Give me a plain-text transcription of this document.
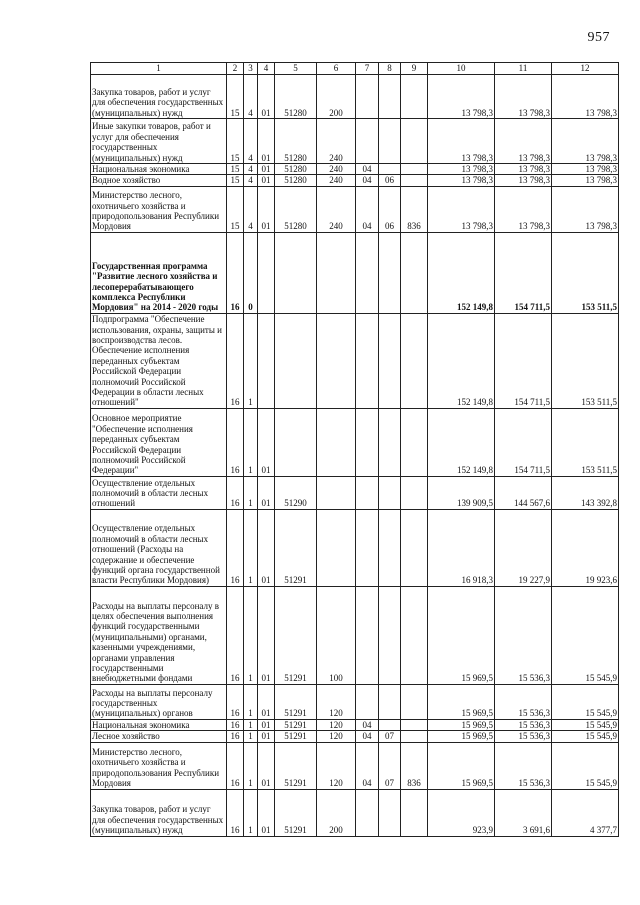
957
1	2	3	4	5	6	7	8	9	10	11	12
Закупка товаров, работ и услуг для обеспечения государственных (муниципальных) нужд	15	4	01	51280	200				13 798,3	13 798,3	13 798,3
Иные закупки товаров, работ и услуг для обеспечения государственных (муниципальных) нужд	15	4	01	51280	240				13 798,3	13 798,3	13 798,3
Национальная экономика	15	4	01	51280	240	04			13 798,3	13 798,3	13 798,3
Водное хозяйство	15	4	01	51280	240	04	06		13 798,3	13 798,3	13 798,3
Министерство лесного, охотничьего хозяйства и природопользования Республики Мордовия	15	4	01	51280	240	04	06	836	13 798,3	13 798,3	13 798,3
Государственная программа "Развитие лесного хозяйства и лесоперерабатывающего комплекса Республики Мордовия" на 2014 - 2020 годы	16	0							152 149,8	154 711,5	153 511,5
Подпрограмма "Обеспечение использования, охраны, защиты и воспроизводства лесов. Обеспечение исполнения переданных субъектам Российской Федерации полномочий Российской Федерации в области лесных отношений"	16	1							152 149,8	154 711,5	153 511,5
Основное мероприятие "Обеспечение исполнения переданных субъектам Российской Федерации полномочий Российской Федерации"	16	1	01						152 149,8	154 711,5	153 511,5
Осуществление отдельных полномочий в области лесных отношений	16	1	01	51290					139 909,5	144 567,6	143 392,8
Осуществление отдельных полномочий в области лесных отношений (Расходы на содержание и обеспечение функций органа государственной власти Республики Мордовия)	16	1	01	51291					16 918,3	19 227,9	19 923,6
Расходы на выплаты персоналу в целях обеспечения выполнения функций государственными (муниципальными) органами, казенными учреждениями, органами управления государственными внебюджетными фондами	16	1	01	51291	100				15 969,5	15 536,3	15 545,9
Расходы на выплаты персоналу государственных (муниципальных) органов	16	1	01	51291	120				15 969,5	15 536,3	15 545,9
Национальная экономика	16	1	01	51291	120	04			15 969,5	15 536,3	15 545,9
Лесное хозяйство	16	1	01	51291	120	04	07		15 969,5	15 536,3	15 545,9
Министерство лесного, охотничьего хозяйства и природопользования Республики Мордовия	16	1	01	51291	120	04	07	836	15 969,5	15 536,3	15 545,9
Закупка товаров, работ и услуг для обеспечения государственных (муниципальных) нужд	16	1	01	51291	200				923,9	3 691,6	4 377,7
